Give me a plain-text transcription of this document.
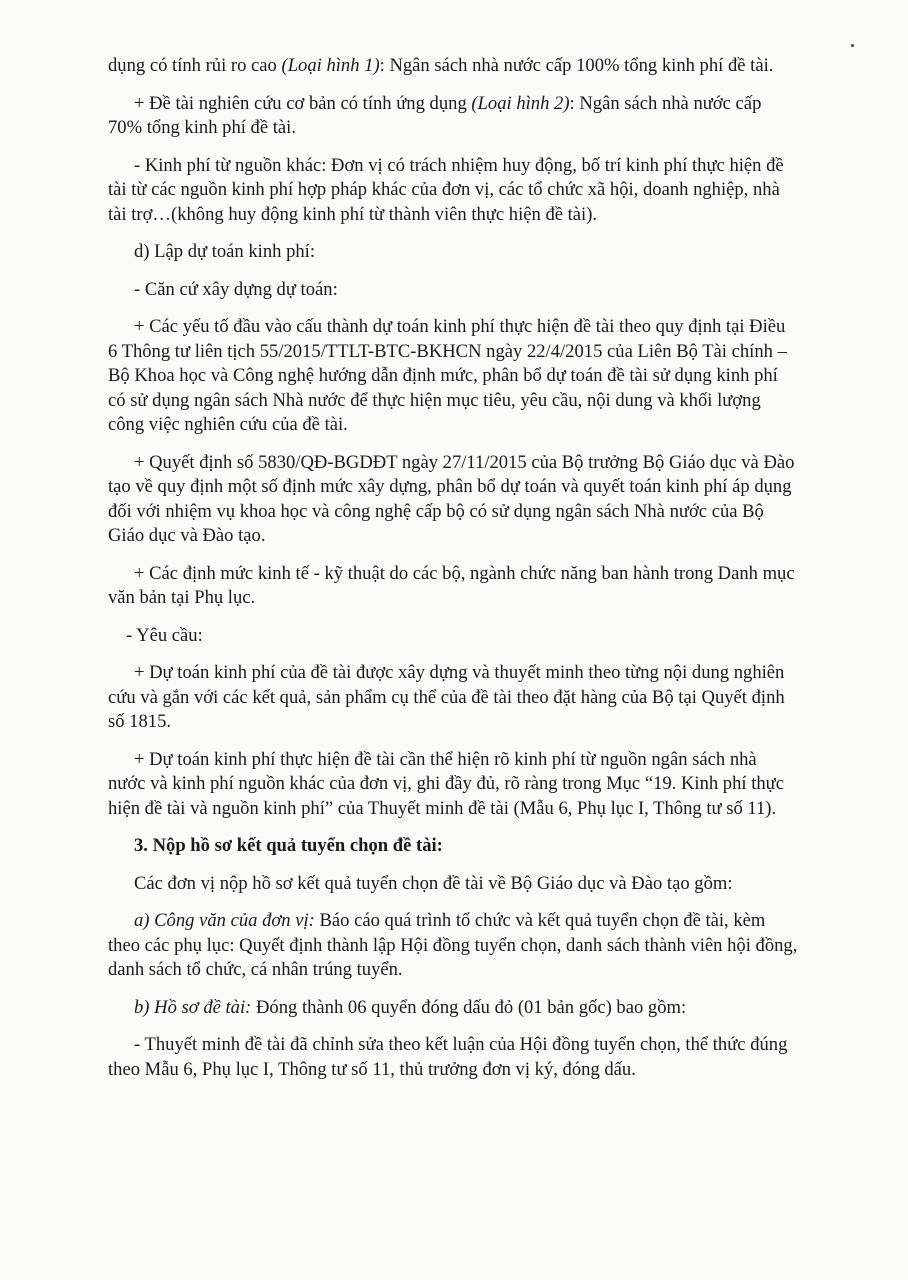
dụng có tính rủi ro cao (Loại hình 1): Ngân sách nhà nước cấp 100% tổng kinh phí đề tài.

+ Đề tài nghiên cứu cơ bản có tính ứng dụng (Loại hình 2): Ngân sách nhà nước cấp 70% tổng kinh phí đề tài.

- Kinh phí từ nguồn khác: Đơn vị có trách nhiệm huy động, bố trí kinh phí thực hiện đề tài từ các nguồn kinh phí hợp pháp khác của đơn vị, các tổ chức xã hội, doanh nghiệp, nhà tài trợ…(không huy động kinh phí từ thành viên thực hiện đề tài).

d) Lập dự toán kinh phí:

- Căn cứ xây dựng dự toán:

+ Các yếu tố đầu vào cấu thành dự toán kinh phí thực hiện đề tài theo quy định tại Điều 6 Thông tư liên tịch 55/2015/TTLT-BTC-BKHCN ngày 22/4/2015 của Liên Bộ Tài chính – Bộ Khoa học và Công nghệ hướng dẫn định mức, phân bổ dự toán đề tài sử dụng kinh phí có sử dụng ngân sách Nhà nước để thực hiện mục tiêu, yêu cầu, nội dung và khối lượng công việc nghiên cứu của đề tài.

+ Quyết định số 5830/QĐ-BGDĐT ngày 27/11/2015 của Bộ trưởng Bộ Giáo dục và Đào tạo về quy định một số định mức xây dựng, phân bổ dự toán và quyết toán kinh phí áp dụng đối với nhiệm vụ khoa học và công nghệ cấp bộ có sử dụng ngân sách Nhà nước của Bộ Giáo dục và Đào tạo.

+ Các định mức kinh tế - kỹ thuật do các bộ, ngành chức năng ban hành trong Danh mục văn bản tại Phụ lục.

- Yêu cầu:

+ Dự toán kinh phí của đề tài được xây dựng và thuyết minh theo từng nội dung nghiên cứu và gắn với các kết quả, sản phẩm cụ thể của đề tài theo đặt hàng của Bộ tại Quyết định số 1815.

+ Dự toán kinh phí thực hiện đề tài cần thể hiện rõ kinh phí từ nguồn ngân sách nhà nước và kinh phí nguồn khác của đơn vị, ghi đầy đủ, rõ ràng trong Mục “19. Kinh phí thực hiện đề tài và nguồn kinh phí” của Thuyết minh đề tài (Mẫu 6, Phụ lục I, Thông tư số 11).

3. Nộp hồ sơ kết quả tuyển chọn đề tài:

Các đơn vị nộp hồ sơ kết quả tuyển chọn đề tài về Bộ Giáo dục và Đào tạo gồm:

a) Công văn của đơn vị: Báo cáo quá trình tổ chức và kết quả tuyển chọn đề tài, kèm theo các phụ lục: Quyết định thành lập Hội đồng tuyển chọn, danh sách thành viên hội đồng, danh sách tổ chức, cá nhân trúng tuyển.

b) Hồ sơ đề tài: Đóng thành 06 quyển đóng dấu đỏ (01 bản gốc) bao gồm:

- Thuyết minh đề tài đã chỉnh sửa theo kết luận của Hội đồng tuyển chọn, thể thức đúng theo Mẫu 6, Phụ lục I, Thông tư số 11, thủ trưởng đơn vị ký, đóng dấu.
